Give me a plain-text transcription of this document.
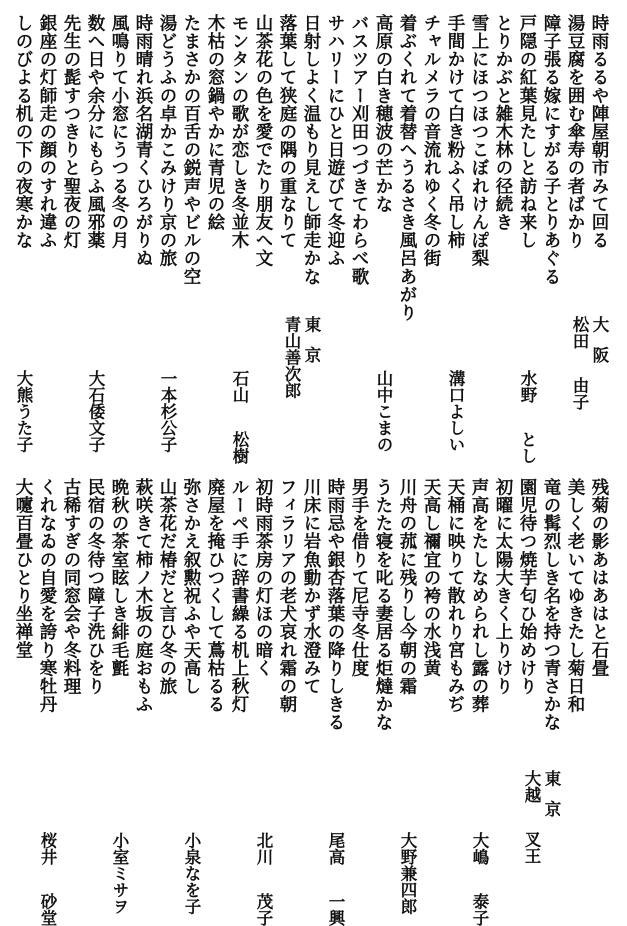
時雨るるや陣屋朝市みて回る
湯豆腐を囲む傘寿の者ばかり
障子張る嫁にすがる子とりあぐる
戸隠の紅葉見たしと訪ね来し
とりかぶと雑木林の径続き
雪上にほつほつこぼれけんぽ梨
手間かけて白き粉ふく吊し柿
チャルメラの音流れゆく冬の街
着ぶくれて着替へうるさき風呂あがり
高原の白き穂波の芒かな
バスツアー刈田つづきてわらべ歌
サハリーにひと日遊びて冬迎ふ
日射しよく温もり見えし師走かな
落葉して狭庭の隅の重なりて
山茶花の色を愛でたり朋友へ文
モンタンの歌が恋しき冬並木
木枯の窓鍋やかに青児の絵
たまさかの百舌の鋭声やビルの空
湯どうふの卓かこみけり京の旅
時雨晴れ浜名湖青くひろがりぬ
風鳴りて小窓にうつる冬の月
数へ日や余分にもらふ風邪薬
先生の髭すつきりと聖夜の灯
銀座の灯師走の顔のすれ違ふ
しのびよる机の下の夜寒かな
大阪
松田由子
水野とし
溝口よしい
山中こまの
東京
青山善次郎
石山松樹
一本杉公子
大石倭文子
大熊うた子
残菊の影あはあはと石畳
美しく老いてゆきたし菊日和
竜の髯烈しき名を持つ青さかな
園児待つ焼芋匂ひ始めけり
初曜に太陽大きく上りけり
声高をたしなめられし露の葬
天桶に映りて散れり宮もみぢ
天高し禰宜の袴の水浅黄
川舟の菰に残りし今朝の霜
うたた寝を叱る妻居る炬燵かな
男手を借りて尼寺冬仕度
時雨忌や銀杏落葉の降りしきる
川床に岩魚動かず水澄みて
フィラリアの老犬哀れ霜の朝
初時雨茶房の灯ほの暗く
ルーペ手に辞書繰る机上秋灯
廃屋を掩ひつくして蔦枯るる
弥さかえ叙勲祝ふや天高し
山茶花だ椿だと言ひ冬の旅
萩咲きて柿ノ木坂の庭おもふ
晩秋の茶室眩しき緋毛氈
民宿の冬待つ障子洗ひをり
古稀すぎの同窓会や冬料理
くれなゐの自愛を誇り寒牡丹
大嚔百畳ひとり坐禅堂
東京
大越叉王
大嶋泰子
大野兼四郎
尾高一興
北川茂子
小泉なを子
小室ミサヲ
桜井砂堂
